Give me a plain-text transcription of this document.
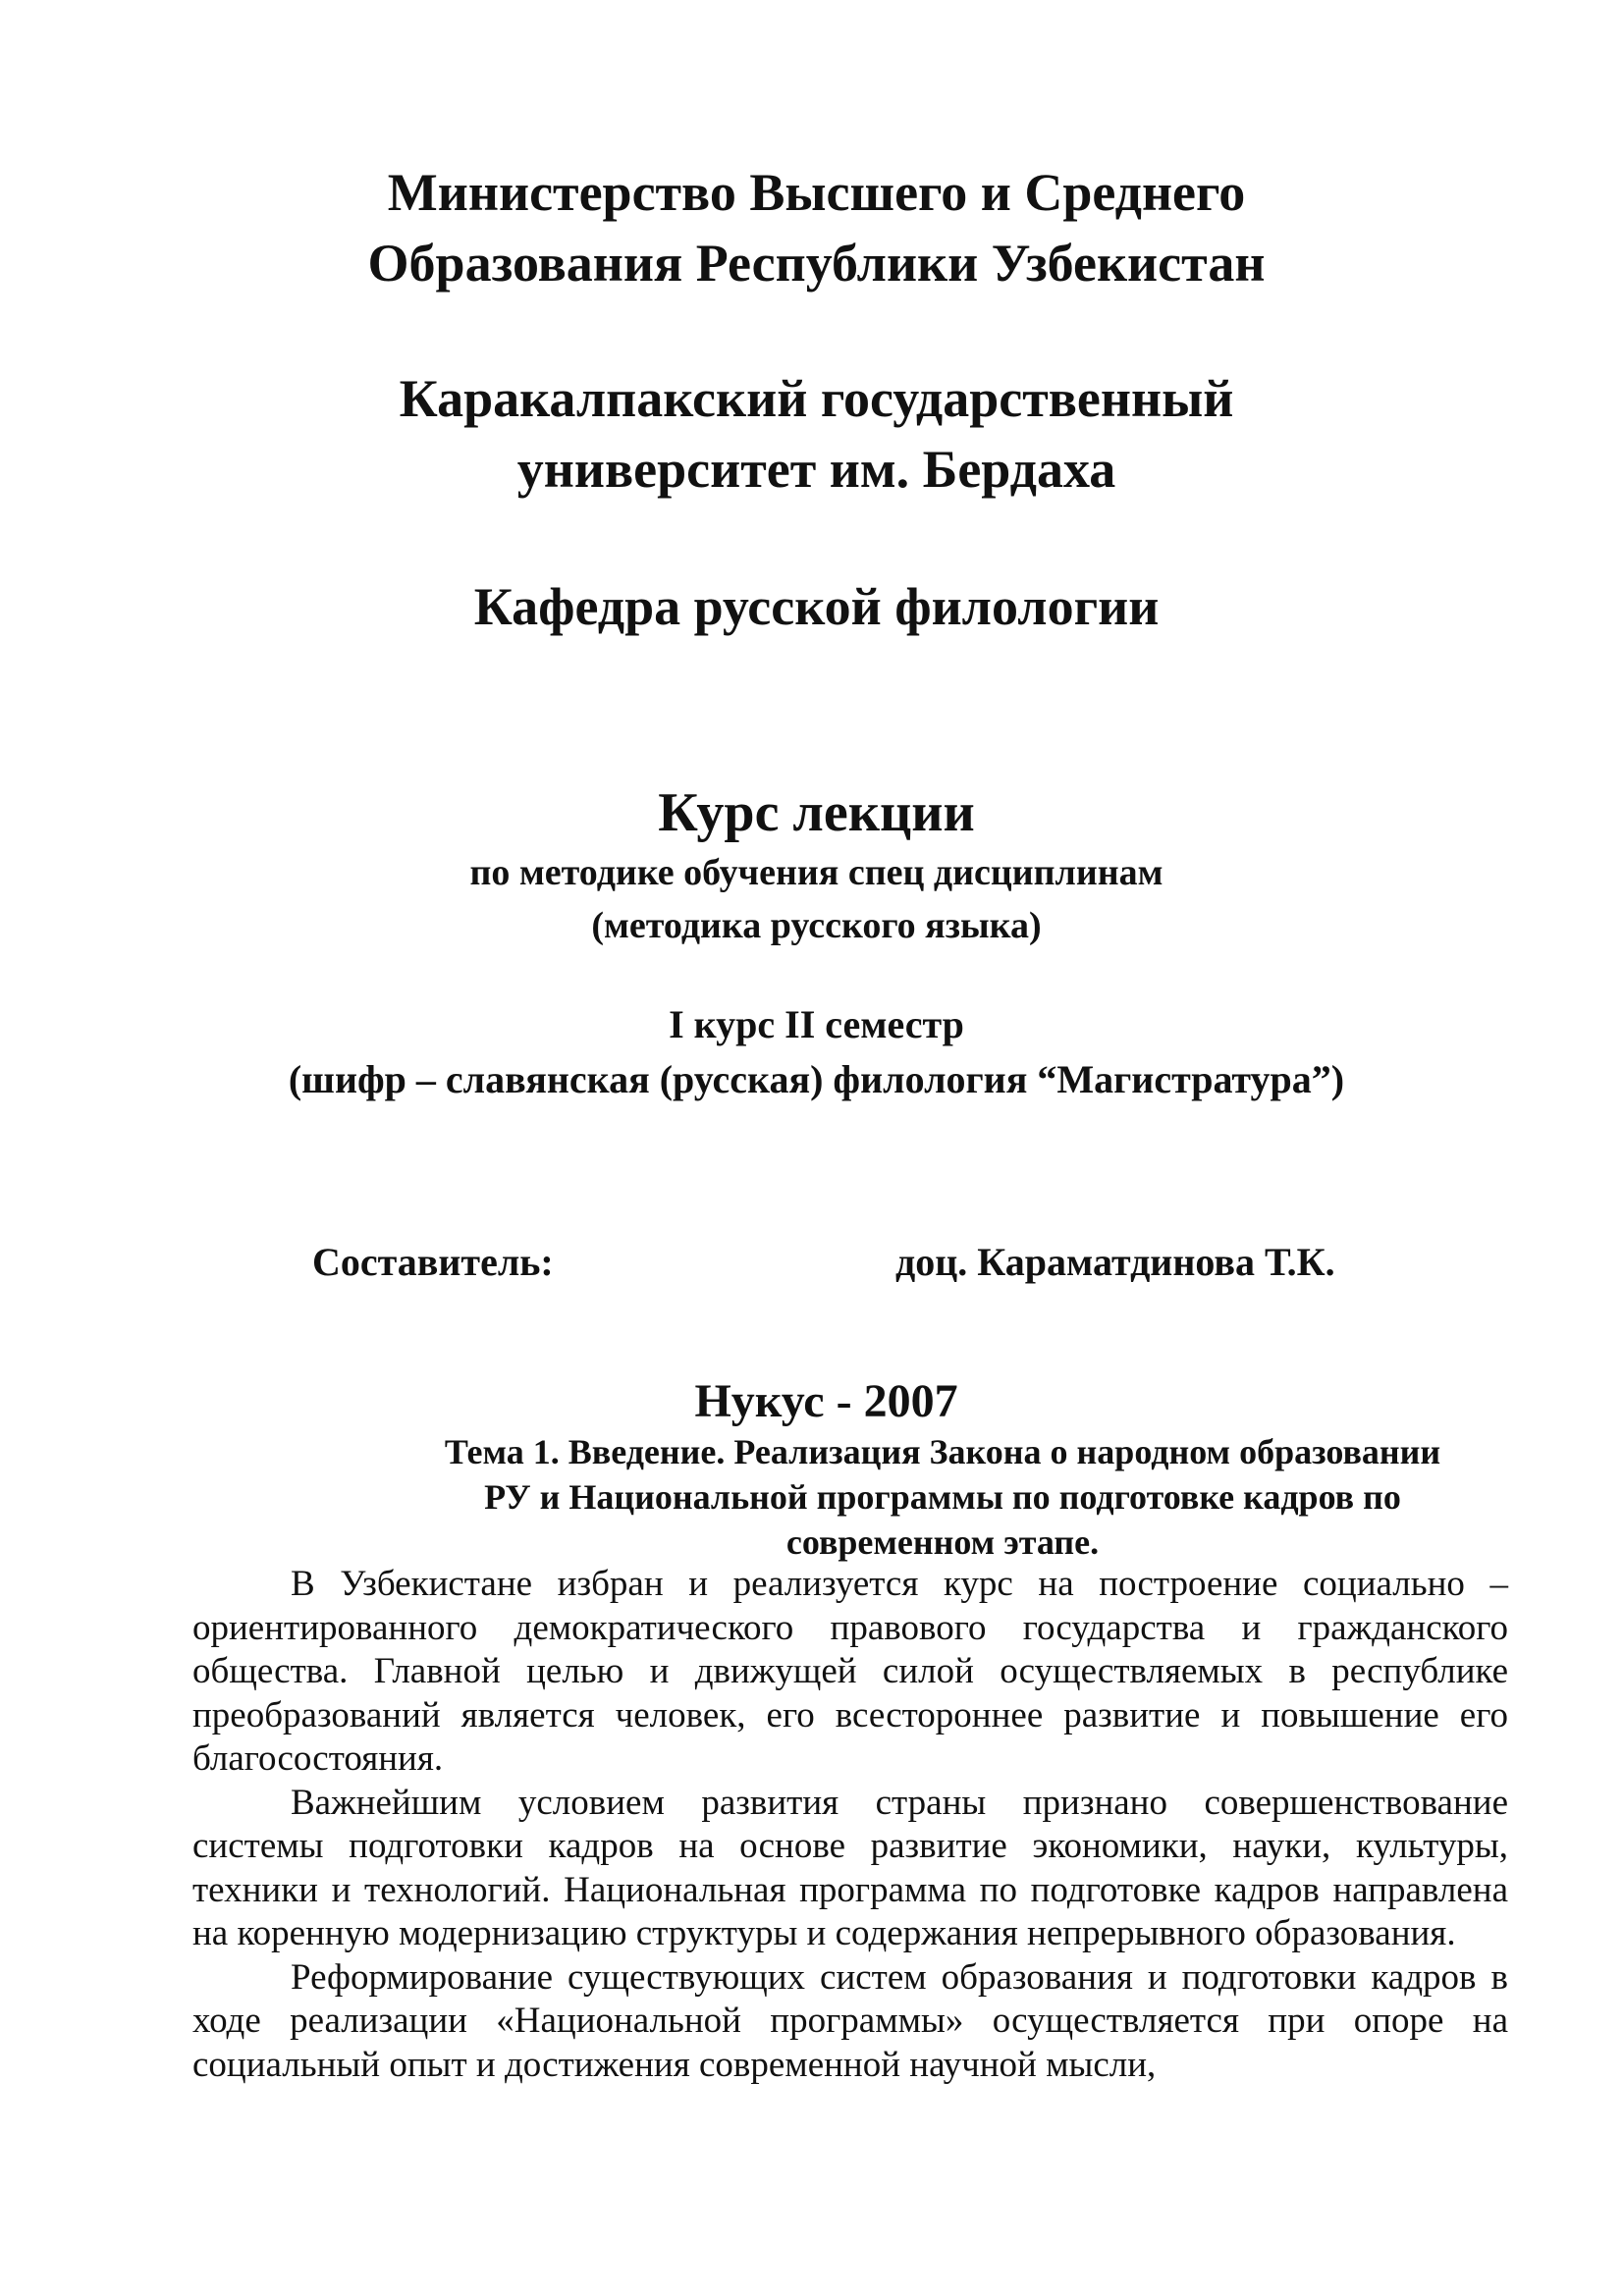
Министерство Высшего и Среднего
Образования Республики Узбекистан
Каракалпакский государственный
университет им. Бердаха
Кафедра русской филологии
Курс лекции
по методике обучения спец дисциплинам
(методика русского языка)
I курс II семестр
(шифр – славянская (русская) филология “Магистратура”)
Составитель:	доц. Караматдинова Т.К.
Нукус - 2007
Тема 1. Введение. Реализация Закона о народном образовании
РУ и Национальной программы по подготовке кадров по
современном этапе.

В Узбекистане избран и реализуется курс на построение социально – ориентированного демократического правового государства и гражданского общества. Главной целью и движущей силой осуществляемых в республике преобразований является человек, его всестороннее развитие и повышение его благосостояния.

Важнейшим условием развития страны признано совершенствование системы подготовки кадров на основе развитие экономики, науки, культуры, техники и технологий. Национальная программа по подготовке кадров направлена на коренную модернизацию структуры и содержания непрерывного образования.

Реформирование существующих систем образования и подготовки кадров в ходе реализации «Национальной программы» осуществляется при опоре на социальный опыт и достижения современной научной мысли,
